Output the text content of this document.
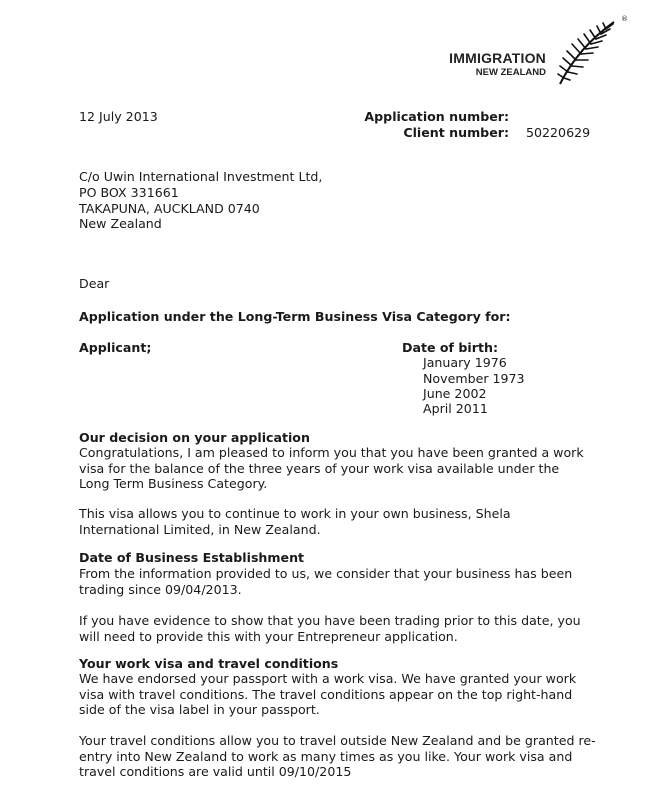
IMMIGRATION
NEW ZEALAND
®
12 July 2013	Application number:
Client number: 50220629
C/o Uwin International Investment Ltd,
PO BOX 331661
TAKAPUNA, AUCKLAND 0740
New Zealand
Dear
Application under the Long-Term Business Visa Category for:
Applicant;	Date of birth:
January 1976
November 1973
June 2002
April 2011
Our decision on your application
Congratulations, I am pleased to inform you that you have been granted a work visa for the balance of the three years of your work visa available under the Long Term Business Category.
This visa allows you to continue to work in your own business, Shela International Limited, in New Zealand.
Date of Business Establishment
From the information provided to us, we consider that your business has been trading since 09/04/2013.
If you have evidence to show that you have been trading prior to this date, you will need to provide this with your Entrepreneur application.
Your work visa and travel conditions
We have endorsed your passport with a work visa. We have granted your work visa with travel conditions. The travel conditions appear on the top right-hand side of the visa label in your passport.
Your travel conditions allow you to travel outside New Zealand and be granted re-entry into New Zealand to work as many times as you like. Your work visa and travel conditions are valid until 09/10/2015
